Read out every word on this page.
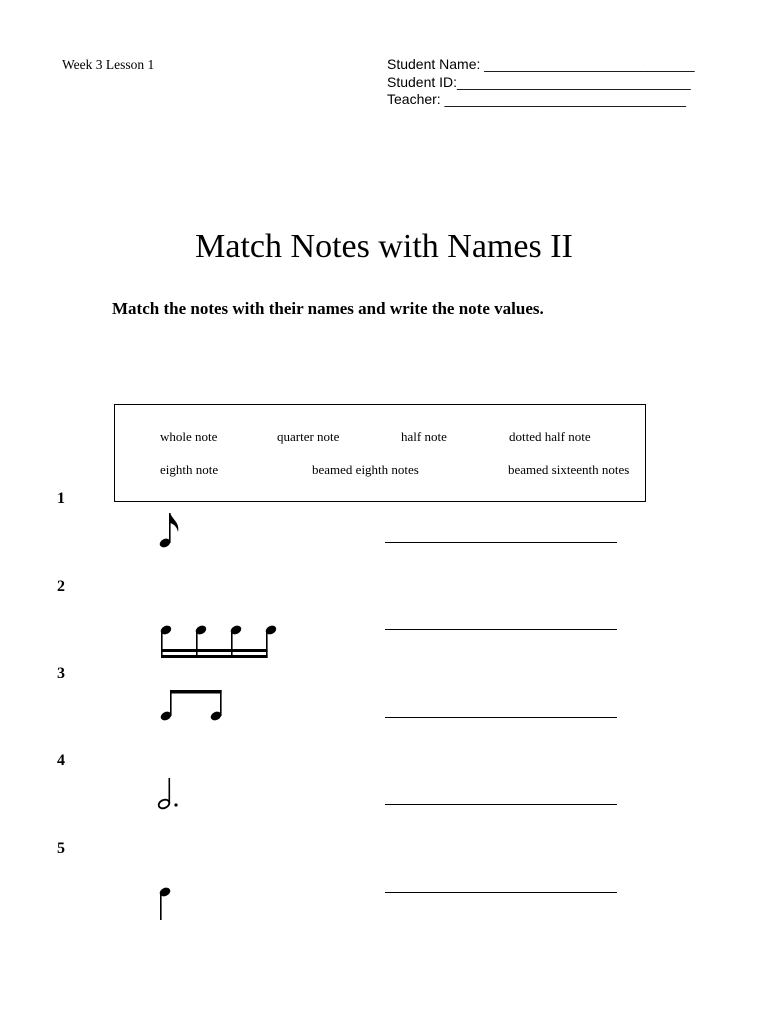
Week 3 Lesson 1	Student Name: ___________________________
Student ID:______________________________
Teacher: _______________________________
Match Notes with Names II
Match the notes with their names and write the note values.
whole note	quarter note	half note	dotted half note
eighth note	beamed eighth notes	beamed sixteenth notes
1
2
3
4
5
